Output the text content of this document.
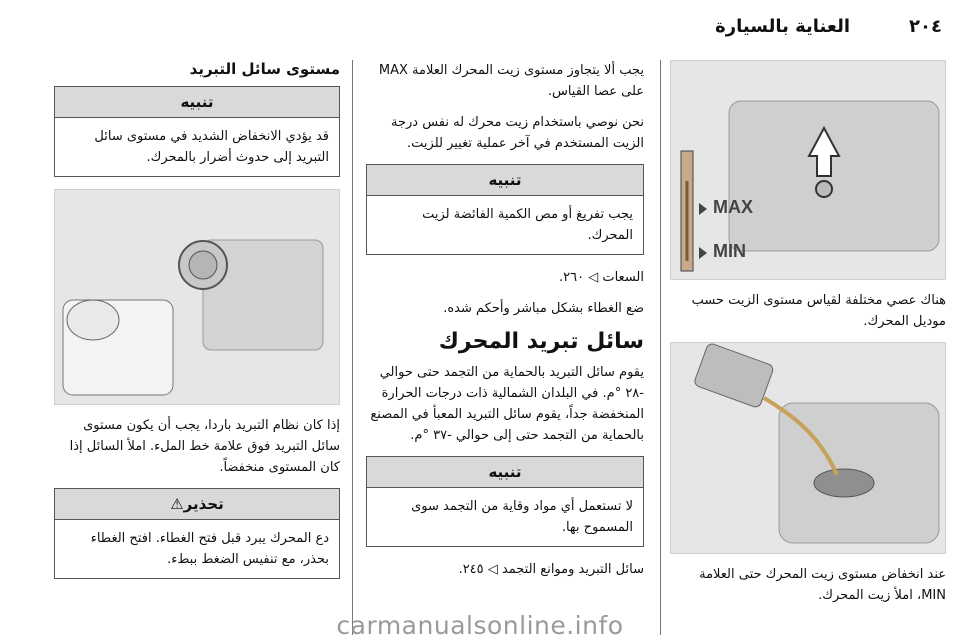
٢٠٤
العناية بالسيارة
MAX
MIN

هناك عصي مختلفة لقياس مستوى الزيت حسب موديل المحرك.

عند انخفاض مستوى زيت المحرك حتى العلامة MIN، املأ زيت المحرك.

يجب ألا يتجاوز مستوى زيت المحرك العلامة MAX على عصا القياس.

نحن نوصي باستخدام زيت محرك له نفس درجة الزيت المستخدم في آخر عملية تغيير للزيت.

تنبيه
يجب تفريغ أو مص الكمية الفائضة لزيت المحرك.

السعات ◁ ٢٦٠.

ضع الغطاء بشكل مباشر وأحكم شده.

سائل تبريد المحرك

يقوم سائل التبريد بالحماية من التجمد حتى حوالي -٢٨ °م. في البلدان الشمالية ذات درجات الحرارة المنخفضة جداً، يقوم سائل التبريد المعبأ في المصنع بالحماية من التجمد حتى إلى حوالي -٣٧ °م.

تنبيه
لا تستعمل أي مواد وقاية من التجمد سوى المسموح بها.

سائل التبريد وموانع التجمد ◁ ٢٤٥.

مستوى سائل التبريد
تنبيه
قد يؤدي الانخفاض الشديد في مستوى سائل التبريد إلى حدوث أضرار بالمحرك.

إذا كان نظام التبريد باردا، يجب أن يكون مستوى سائل التبريد فوق علامة خط الملء. املأ السائل إذا كان المستوى منخفضاً.

تحذير⚠
دع المحرك يبرد قبل فتح الغطاء. افتح الغطاء بحذر، مع تنفيس الضغط ببطء.
carmanualsonline.info
